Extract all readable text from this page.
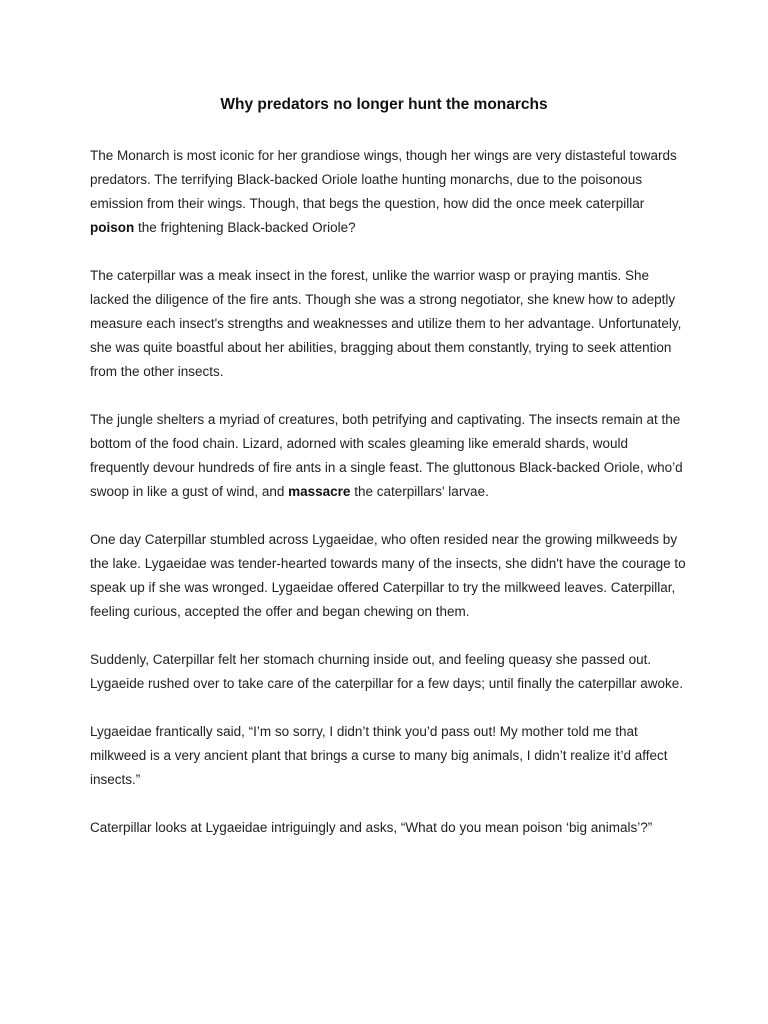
Why predators no longer hunt the monarchs

The Monarch is most iconic for her grandiose wings, though her wings are very distasteful towards predators. The terrifying Black-backed Oriole loathe hunting monarchs, due to the poisonous emission from their wings. Though, that begs the question, how did the once meek caterpillar poison the frightening Black-backed Oriole?

The caterpillar was a meak insect in the forest, unlike the warrior wasp or praying mantis. She lacked the diligence of the fire ants. Though she was a strong negotiator, she knew how to adeptly measure each insect's strengths and weaknesses and utilize them to her advantage. Unfortunately, she was quite boastful about her abilities, bragging about them constantly, trying to seek attention from the other insects.

The jungle shelters a myriad of creatures, both petrifying and captivating. The insects remain at the bottom of the food chain. Lizard, adorned with scales gleaming like emerald shards, would frequently devour hundreds of fire ants in a single feast. The gluttonous Black-backed Oriole, who’d swoop in like a gust of wind, and massacre the caterpillars' larvae.

One day Caterpillar stumbled across Lygaeidae, who often resided near the growing milkweeds by the lake. Lygaeidae was tender-hearted towards many of the insects, she didn't have the courage to speak up if she was wronged. Lygaeidae offered Caterpillar to try the milkweed leaves. Caterpillar, feeling curious, accepted the offer and began chewing on them.

Suddenly, Caterpillar felt her stomach churning inside out, and feeling queasy she passed out. Lygaeide rushed over to take care of the caterpillar for a few days; until finally the caterpillar awoke.

Lygaeidae frantically said, “I’m so sorry, I didn’t think you’d pass out! My mother told me that milkweed is a very ancient plant that brings a curse to many big animals, I didn’t realize it’d affect insects.”

Caterpillar looks at Lygaeidae intriguingly and asks, “What do you mean poison ‘big animals’?”
